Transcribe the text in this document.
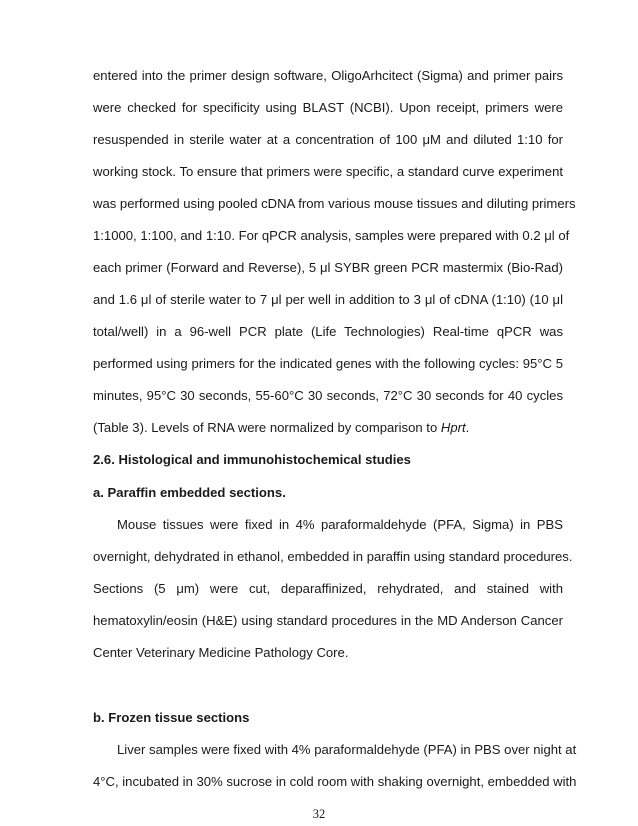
entered into the primer design software, OligoArhcitect (Sigma) and primer pairs
were checked for specificity using BLAST (NCBI). Upon receipt, primers were
resuspended in sterile water at a concentration of 100 μM and diluted 1:10 for
working stock. To ensure that primers were specific, a standard curve experiment
was performed using pooled cDNA from various mouse tissues and diluting primers
1:1000, 1:100, and 1:10. For qPCR analysis, samples were prepared with 0.2 μl of
each primer (Forward and Reverse), 5 μl SYBR green PCR mastermix (Bio-Rad)
and 1.6 μl of sterile water to 7 μl per well in addition to 3 μl of cDNA (1:10) (10 μl
total/well) in a 96-well PCR plate (Life Technologies) Real-time qPCR was
performed using primers for the indicated genes with the following cycles: 95°C 5
minutes, 95°C 30 seconds, 55-60°C 30 seconds, 72°C 30 seconds for 40 cycles
(Table 3). Levels of RNA were normalized by comparison to Hprt.
2.6. Histological and immunohistochemical studies
a. Paraffin embedded sections.
Mouse tissues were fixed in 4% paraformaldehyde (PFA, Sigma) in PBS
overnight, dehydrated in ethanol, embedded in paraffin using standard procedures.
Sections (5 μm) were cut, deparaffinized, rehydrated, and stained with
hematoxylin/eosin (H&E) using standard procedures in the MD Anderson Cancer
Center Veterinary Medicine Pathology Core.
b. Frozen tissue sections
Liver samples were fixed with 4% paraformaldehyde (PFA) in PBS over night at
32
4°C, incubated in 30% sucrose in cold room with shaking overnight, embedded with
